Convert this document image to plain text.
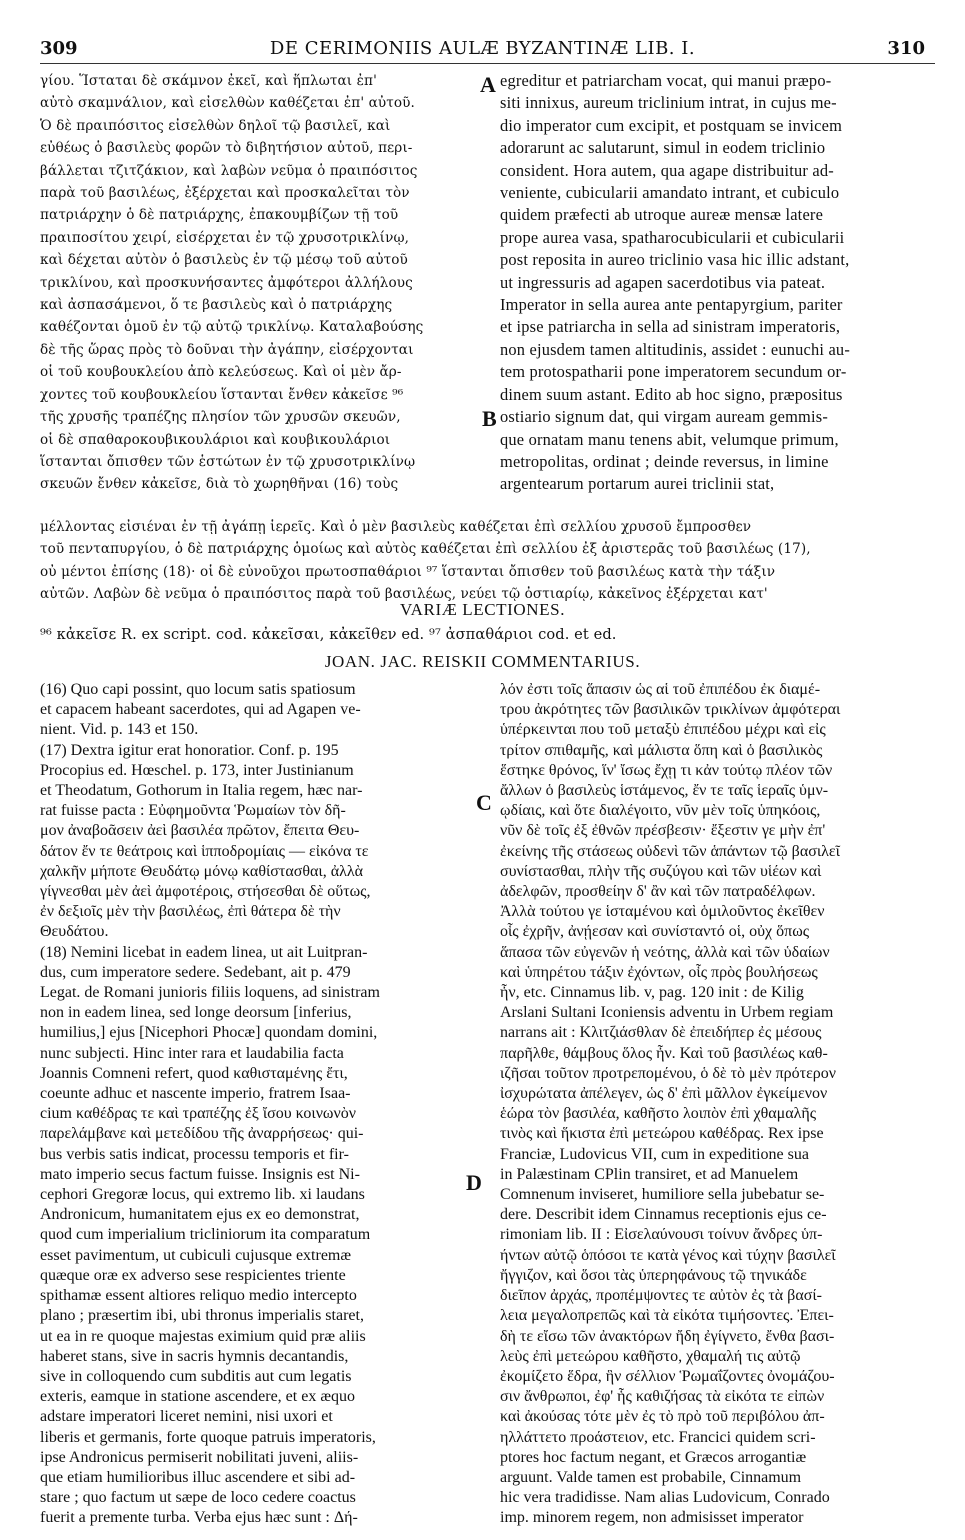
309	DE CERIMONIIS AULÆ BYZANTINÆ LIB. I.	310
γίου. Ἵσταται δὲ σκάμνον ἐκεῖ, καὶ ἥπλωται ἐπ'
αὐτὸ σκαμνάλιον, καὶ εἰσελθὼν καθέζεται ἐπ' αὐτοῦ.
Ὁ δὲ πραιπόσιτος εἰσελθὼν δηλοῖ τῷ βασιλεῖ, καὶ
εὐθέως ὁ βασιλεὺς φορῶν τὸ διβητήσιον αὐτοῦ, περι-
βάλλεται τζιτζάκιον, καὶ λαβὼν νεῦμα ὁ πραιπόσιτος
παρὰ τοῦ βασιλέως, ἐξέρχεται καὶ προσκαλεῖται τὸν
πατριάρχην ὁ δὲ πατριάρχης, ἐπακουμβίζων τῇ τοῦ
πραιποσίτου χειρί, εἰσέρχεται ἐν τῷ χρυσοτρικλίνῳ,
καὶ δέχεται αὐτὸν ὁ βασιλεὺς ἐν τῷ μέσῳ τοῦ αὐτοῦ
τρικλίνου, καὶ προσκυνήσαντες ἀμφότεροι ἀλλήλους
καὶ ἀσπασάμενοι, ὅ τε βασιλεὺς καὶ ὁ πατριάρχης
καθέζονται ὁμοῦ ἐν τῷ αὐτῷ τρικλίνῳ. Καταλαβούσης
δὲ τῆς ὥρας πρὸς τὸ δοῦναι τὴν ἀγάπην, εἰσέρχονται
οἱ τοῦ κουβουκλείου ἀπὸ κελεύσεως. Καὶ οἱ μὲν ἄρ-
χοντες τοῦ κουβουκλείου ἵστανται ἔνθεν κἀκεῖσε ⁹⁶
τῆς χρυσῆς τραπέζης πλησίον τῶν χρυσῶν σκευῶν,
οἱ δὲ σπαθαροκουβικουλάριοι καὶ κουβικουλάριοι
ἵστανται ὄπισθεν τῶν ἑστώτων ἐν τῷ χρυσοτρικλίνῳ
σκευῶν ἔνθεν κἀκεῖσε, διὰ τὸ χωρηθῆναι (16) τοὺς
egreditur et patriarcham vocat, qui manui præpo-
siti innixus, aureum triclinium intrat, in cujus me-
dio imperator cum excipit, et postquam se invicem
adorarunt ac salutarunt, simul in eodem triclinio
consident. Hora autem, qua agape distribuitur ad-
veniente, cubicularii amandato intrant, et cubiculo
quidem præfecti ab utroque aureæ mensæ latere
prope aurea vasa, spatharocubicularii et cubicularii
post reposita in aureo triclinio vasa hic illic adstant,
ut ingressuris ad agapen sacerdotibus via pateat.
Imperator in sella aurea ante pentapyrgium, pariter
et ipse patriarcha in sella ad sinistram imperatoris,
non ejusdem tamen altitudinis, assidet : eunuchi au-
tem protospatharii pone imperatorem secundum or-
dinem suum astant. Edito ab hoc signo, præpositus
ostiario signum dat, qui virgam auream gemmis-
que ornatam manu tenens abit, velumque primum,
metropolitas, ordinat ; deinde reversus, in limine
argentearum portarum aurei triclinii stat,
A
B
μέλλοντας εἰσιέναι ἐν τῇ ἀγάπῃ ἱερεῖς. Καὶ ὁ μὲν βασιλεὺς καθέζεται ἐπὶ σελλίου χρυσοῦ ἔμπροσθεν
τοῦ πενταπυργίου, ὁ δὲ πατριάρχης ὁμοίως καὶ αὐτὸς καθέζεται ἐπὶ σελλίου ἐξ ἀριστερᾶς τοῦ βασιλέως (17),
οὐ μέντοι ἐπίσης (18)· οἱ δὲ εὐνοῦχοι πρωτοσπαθάριοι ⁹⁷ ἵστανται ὄπισθεν τοῦ βασιλέως κατὰ τὴν τάξιν
αὐτῶν. Λαβὼν δὲ νεῦμα ὁ πραιπόσιτος παρὰ τοῦ βασιλέως, νεύει τῷ ὀστιαρίῳ, κἀκεῖνος ἐξέρχεται κατ'
VARIÆ LECTIONES.
⁹⁶ κἀκεῖσε R. ex script. cod. κἀκεῖσαι, κἀκεῖθεν ed. ⁹⁷ ἀσπαθάριοι cod. et ed.
JOAN. JAC. REISKII COMMENTARIUS.
(16) Quo capi possint, quo locum satis spatiosum
et capacem habeant sacerdotes, qui ad Agapen ve-
nient. Vid. p. 143 et 150.
(17) Dextra igitur erat honoratior. Conf. p. 195
Procopius ed. Hœschel. p. 173, inter Justinianum
et Theodatum, Gothorum in Italia regem, hæc nar-
rat fuisse pacta : Εὐφημοῦντα Ῥωμαίων τὸν δῆ-
μον ἀναβοᾶσειν ἀεὶ βασιλέα πρῶτον, ἔπειτα Θευ-
δάτον ἔν τε θεάτροις καὶ ἱπποδρομίαις — εἰκόνα τε
χαλκῆν μήποτε Θευδάτῳ μόνῳ καθίστασθαι, ἀλλὰ
γίγνεσθαι μὲν ἀεὶ ἀμφοτέροις, στήσεσθαι δὲ οὕτως,
ἐν δεξιοῖς μὲν τὴν βασιλέως, ἐπὶ θάτερα δὲ τὴν
Θευδάτου.
(18) Nemini licebat in eadem linea, ut ait Luitpran-
dus, cum imperatore sedere. Sedebant, ait p. 479
Legat. de Romani junioris filiis loquens, ad sinistram
non in eadem linea, sed longe deorsum [inferius,
humilius,] ejus [Nicephori Phocæ] quondam domini,
nunc subjecti. Hinc inter rara et laudabilia facta
Joannis Comneni refert, quod καθισταμένης ἔτι,
coeunte adhuc et nascente imperio, fratrem Isaa-
cium καθέδρας τε καὶ τραπέζης ἐξ ἴσου κοινωνὸν
παρελάμβανε καὶ μετεδίδου τῆς ἀναρρήσεως· qui-
bus verbis satis indicat, processu temporis et fir-
mato imperio secus factum fuisse. Insignis est Ni-
cephori Gregoræ locus, qui extremo lib. xi laudans
Andronicum, humanitatem ejus ex eo demonstrat,
quod cum imperialium tricliniorum ita comparatum
esset pavimentum, ut cubiculi cujusque extremæ
quæque oræ ex adverso sese respicientes triente
spithamæ essent altiores reliquo medio intercepto
plano ; præsertim ibi, ubi thronus imperialis staret,
ut ea in re quoque majestas eximium quid præ aliis
haberet stans, sive in sacris hymnis decantandis,
sive in colloquendo cum subditis aut cum legatis
exteris, eamque in statione ascendere, et ex æquo
adstare imperatori liceret nemini, nisi uxori et
liberis et germanis, forte quoque patruis imperatoris,
ipse Andronicus permiserit nobilitati juveni, aliis-
que etiam humilioribus illuc ascendere et sibi ad-
stare ; quo factum ut sæpe de loco cedere coactus
fuerit a premente turba. Verba ejus hæc sunt : Δή-
λόν ἐστι τοῖς ἅπασιν ὡς αἱ τοῦ ἐπιπέδου ἐκ διαμέ-
τρου ἀκρότητες τῶν βασιλικῶν τρικλίνων ἀμφότεραι
ὑπέρκεινται που τοῦ μεταξὺ ἐπιπέδου μέχρι καὶ εἰς
τρίτον σπιθαμῆς, καὶ μάλιστα ὅπη καὶ ὁ βασιλικὸς
ἕστηκε θρόνος, ἵν' ἴσως ἔχῃ τι κἀν τούτῳ πλέον τῶν
ἄλλων ὁ βασιλεὺς ἱστάμενος, ἔν τε ταῖς ἱεραῖς ὑμν-
ῳδίαις, καὶ ὅτε διαλέγοιτο, νῦν μὲν τοῖς ὑπηκόοις,
νῦν δὲ τοῖς ἐξ ἐθνῶν πρέσβεσιν· ἔξεστιν γε μὴν ἐπ'
ἐκείνης τῆς στάσεως οὐδενὶ τῶν ἁπάντων τῷ βασιλεῖ
συνίστασθαι, πλὴν τῆς συζύγου καὶ τῶν υἱέων καὶ
ἀδελφῶν, προσθείην δ' ἂν καὶ τῶν πατραδέλφων.
Ἀλλὰ τούτου γε ἱσταμένου καὶ ὁμιλοῦντος ἐκεῖθεν
οἷς ἐχρῆν, ἀνῄεσαν καὶ συνίσταντό οἱ, οὐχ ὅπως
ἅπασα τῶν εὐγενῶν ἡ νεότης, ἀλλὰ καὶ τῶν ὑδαίων
καὶ ὑπηρέτου τάξιν ἐχόντων, οἷς πρὸς βουλήσεως
ἦν, etc. Cinnamus lib. v, pag. 120 init : de Kilig
Arslani Sultani Iconiensis adventu in Urbem regiam
narrans ait : Κλιτζιάσθλαν δὲ ἐπειδήπερ ἐς μέσους
παρῆλθε, θάμβους ὅλος ἦν. Καὶ τοῦ βασιλέως καθ-
ιζῆσαι τοῦτον προτρεπομένου, ὁ δὲ τὸ μὲν πρότερον
ἰσχυρώτατα ἀπέλεγεν, ὡς δ' ἐπὶ μᾶλλον ἐγκείμενον
ἑώρα τὸν βασιλέα, καθῆστο λοιπὸν ἐπὶ χθαμαλῆς
τινὸς καὶ ἥκιστα ἐπὶ μετεώρου καθέδρας. Rex ipse
Franciæ, Ludovicus VII, cum in expeditione sua
in Palæstinam CPlin transiret, et ad Manuelem
Comnenum inviseret, humiliore sella jubebatur se-
dere. Describit idem Cinnamus receptionis ejus ce-
rimoniam lib. II : Εἰσελαύνουσι τοίνυν ἄνδρες ὑπ-
ήντων αὐτῷ ὁπόσοι τε κατὰ γένος καὶ τύχην βασιλεῖ
ἤγγιζον, καὶ ὅσοι τὰς ὑπερηφάνους τῷ τηνικάδε
διεῖπον ἀρχάς, προπέμψοντες τε αὐτὸν ἐς τὰ βασί-
λεια μεγαλοπρεπῶς καὶ τὰ εἰκότα τιμήσοντες. Ἐπει-
δὴ τε εἴσω τῶν ἀνακτόρων ἤδη ἐγίγνετο, ἔνθα βασι-
λεὺς ἐπὶ μετεώρου καθῆστο, χθαμαλή τις αὐτῷ
ἐκομίζετο ἕδρα, ἣν σέλλιον Ῥωμαΐζοντες ὀνομάζου-
σιν ἄνθρωποι, ἐφ' ἧς καθιζήσας τὰ εἰκότα τε εἰπὼν
καὶ ἀκούσας τότε μὲν ἐς τὸ πρὸ τοῦ περιβόλου ἀπ-
ηλλάττετο προάστειον, etc. Francici quidem scri-
ptores hoc factum negant, et Græcos arrogantiæ
arguunt. Valde tamen est probabile, Cinnamum
hic vera tradidisse. Nam alias Ludovicum, Conrado
imp. minorem regem, non admisisset imperator
C
D
